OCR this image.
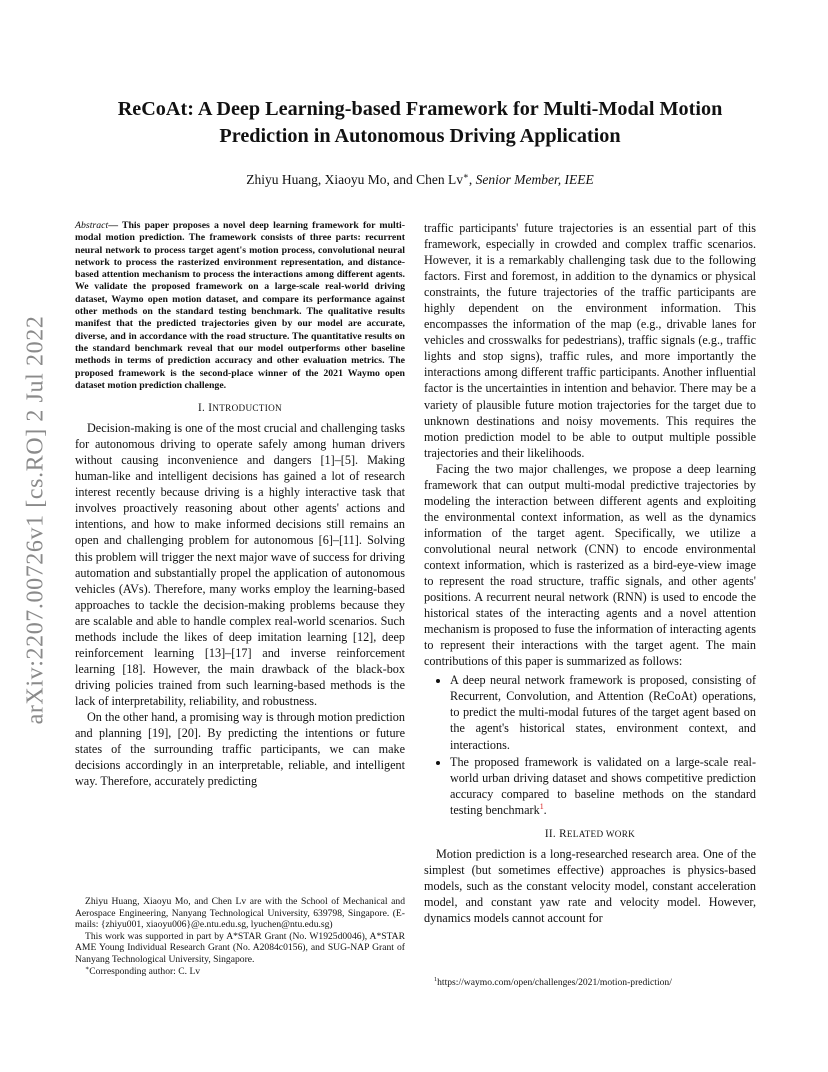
arXiv:2207.00726v1 [cs.RO] 2 Jul 2022
ReCoAt: A Deep Learning-based Framework for Multi-Modal Motion
Prediction in Autonomous Driving Application
Zhiyu Huang, Xiaoyu Mo, and Chen Lv∗, Senior Member, IEEE
Abstract— This paper proposes a novel deep learning framework for multi-modal motion prediction. The framework consists of three parts: recurrent neural network to process target agent's motion process, convolutional neural network to process the rasterized environment representation, and distance-based attention mechanism to process the interactions among different agents. We validate the proposed framework on a large-scale real-world driving dataset, Waymo open motion dataset, and compare its performance against other methods on the standard testing benchmark. The qualitative results manifest that the predicted trajectories given by our model are accurate, diverse, and in accordance with the road structure. The quantitative results on the standard benchmark reveal that our model outperforms other baseline methods in terms of prediction accuracy and other evaluation metrics. The proposed framework is the second-place winner of the 2021 Waymo open dataset motion prediction challenge.
I. INTRODUCTION

Decision-making is one of the most crucial and challenging tasks for autonomous driving to operate safely among human drivers without causing inconvenience and dangers [1]–[5]. Making human-like and intelligent decisions has gained a lot of research interest recently because driving is a highly interactive task that involves proactively reasoning about other agents' actions and intentions, and how to make informed decisions still remains an open and challenging problem for autonomous [6]–[11]. Solving this problem will trigger the next major wave of success for driving automation and substantially propel the application of autonomous vehicles (AVs). Therefore, many works employ the learning-based approaches to tackle the decision-making problems because they are scalable and able to handle complex real-world scenarios. Such methods include the likes of deep imitation learning [12], deep reinforcement learning [13]–[17] and inverse reinforcement learning [18]. However, the main drawback of the black-box driving policies trained from such learning-based methods is the lack of interpretability, reliability, and robustness.

On the other hand, a promising way is through motion prediction and planning [19], [20]. By predicting the intentions or future states of the surrounding traffic participants, we can make decisions accordingly in an interpretable, reliable, and intelligent way. Therefore, accurately predicting

Zhiyu Huang, Xiaoyu Mo, and Chen Lv are with the School of Mechanical and Aerospace Engineering, Nanyang Technological University, 639798, Singapore. (E-mails: {zhiyu001, xiaoyu006}@e.ntu.edu.sg, lyuchen@ntu.edu.sg)

This work was supported in part by A*STAR Grant (No. W1925d0046), A*STAR AME Young Individual Research Grant (No. A2084c0156), and SUG-NAP Grant of Nanyang Technological University, Singapore.

∗Corresponding author: C. Lv

traffic participants' future trajectories is an essential part of this framework, especially in crowded and complex traffic scenarios. However, it is a remarkably challenging task due to the following factors. First and foremost, in addition to the dynamics or physical constraints, the future trajectories of the traffic participants are highly dependent on the environment information. This encompasses the information of the map (e.g., drivable lanes for vehicles and crosswalks for pedestrians), traffic signals (e.g., traffic lights and stop signs), traffic rules, and more importantly the interactions among different traffic participants. Another influential factor is the uncertainties in intention and behavior. There may be a variety of plausible future motion trajectories for the target due to unknown destinations and noisy movements. This requires the motion prediction model to be able to output multiple possible trajectories and their likelihoods.

Facing the two major challenges, we propose a deep learning framework that can output multi-modal predictive trajectories by modeling the interaction between different agents and exploiting the environmental context information, as well as the dynamics information of the target agent. Specifically, we utilize a convolutional neural network (CNN) to encode environmental context information, which is rasterized as a bird-eye-view image to represent the road structure, traffic signals, and other agents' positions. A recurrent neural network (RNN) is used to encode the historical states of the interacting agents and a novel attention mechanism is proposed to fuse the information of interacting agents to represent their interactions with the target agent. The main contributions of this paper is summarized as follows:

• A deep neural network framework is proposed, consisting of Recurrent, Convolution, and Attention (ReCoAt) operations, to predict the multi-modal futures of the target agent based on the agent's historical states, environment context, and interactions.
• The proposed framework is validated on a large-scale real-world urban driving dataset and shows competitive prediction accuracy compared to baseline methods on the standard testing benchmark$^1$.
II. RELATED WORK

Motion prediction is a long-researched research area. One of the simplest (but sometimes effective) approaches is physics-based models, such as the constant velocity model, constant acceleration model, and constant yaw rate and velocity model. However, dynamics models cannot account for

$^1$https://waymo.com/open/challenges/2021/motion-prediction/
